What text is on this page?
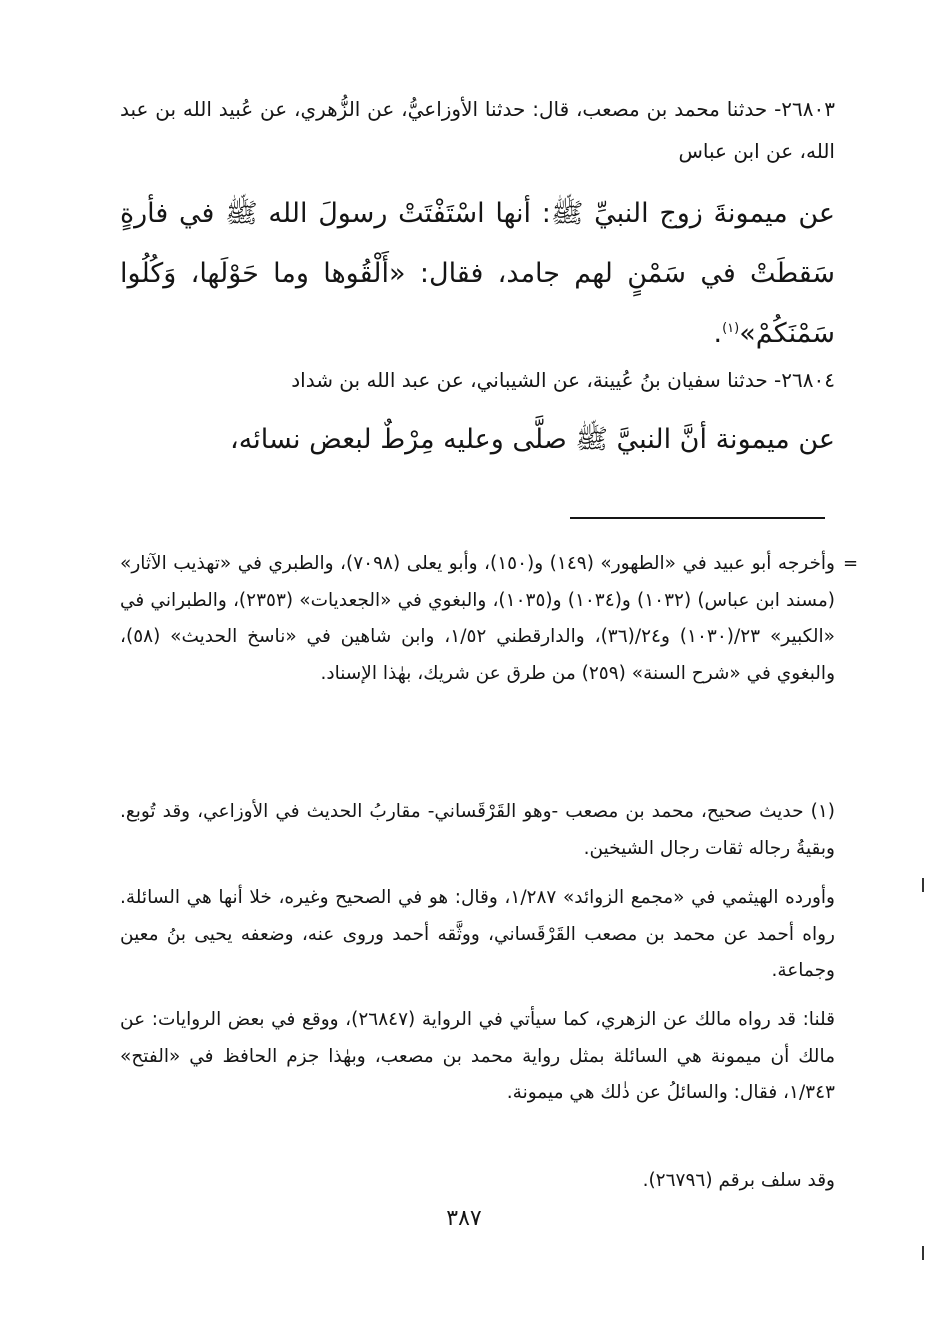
٢٦٨٠٣- حدثنا محمد بن مصعب، قال: حدثنا الأوزاعيُّ، عن الزُّهري، عن عُبيد الله بن عبد الله، عن ابن عباس
عن ميمونةَ زوج النبيِّ ﷺ: أنها اسْتَفْتَتْ رسولَ الله ﷺ في فأرةٍ سَقطَتْ في سَمْنٍ لهم جامد، فقال: «أَلْقُوها وما حَوْلَها، وَكُلُوا سَمْنَكُمْ»$^{(١)}$.
٢٦٨٠٤- حدثنا سفيان بنُ عُيينة، عن الشيباني، عن عبد الله بن شداد
عن ميمونة أنَّ النبيَّ ﷺ صلَّى وعليه مِرْطٌ لبعض نسائه،
=
وأخرجه أبو عبيد في «الطهور» (١٤٩) و(١٥٠)، وأبو يعلى (٧٠٩٨)، والطبري في «تهذيب الآثار» (مسند ابن عباس) (١٠٣٢) و(١٠٣٤) و(١٠٣٥)، والبغوي في «الجعديات» (٢٣٥٣)، والطبراني في «الكبير» ٢٣/(١٠٣٠) و٢٤/(٣٦)، والدارقطني ١/٥٢، وابن شاهين في «ناسخ الحديث» (٥٨)، والبغوي في «شرح السنة» (٢٥٩) من طرق عن شريك، بهٰذا الإسناد.
(١) حديث صحيح، محمد بن مصعب -وهو القَرْقَساني- مقاربُ الحديث في الأوزاعي، وقد تُوبع. وبقيةُ رجاله ثقات رجال الشيخين.
وأورده الهيثمي في «مجمع الزوائد» ١/٢٨٧، وقال: هو في الصحيح وغيره، خلا أنها هي السائلة. رواه أحمد عن محمد بن مصعب القَرْقَساني، ووثَّقه أحمد وروى عنه، وضعفه يحيى بنُ معين وجماعة.
قلنا: قد رواه مالك عن الزهري، كما سيأتي في الرواية (٢٦٨٤٧)، ووقع في بعض الروايات: عن مالك أن ميمونة هي السائلة بمثل رواية محمد بن مصعب، وبهٰذا جزم الحافظ في «الفتح» ١/٣٤٣، فقال: والسائلُ عن ذٰلك هي ميمونة.
وقد سلف برقم (٢٦٧٩٦).
٣٨٧
